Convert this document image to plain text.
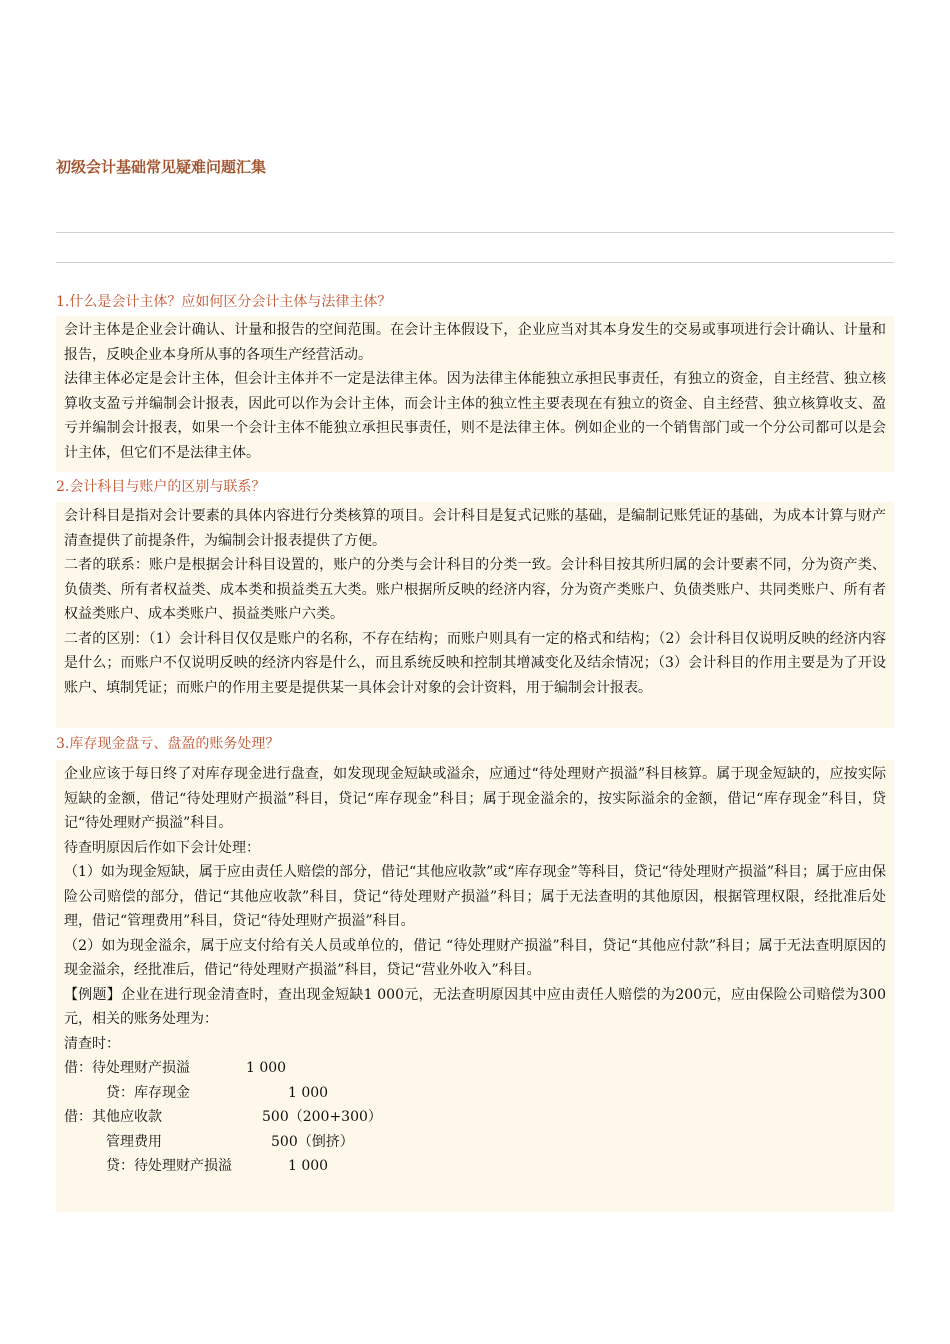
初级会计基础常见疑难问题汇集
1.什么是会计主体？应如何区分会计主体与法律主体？

会计主体是企业会计确认、计量和报告的空间范围。在会计主体假设下，企业应当对其本身发生的交易或事项进行会计确认、计量和报告，反映企业本身所从事的各项生产经营活动。

法律主体必定是会计主体，但会计主体并不一定是法律主体。因为法律主体能独立承担民事责任，有独立的资金，自主经营、独立核算收支盈亏并编制会计报表，因此可以作为会计主体，而会计主体的独立性主要表现在有独立的资金、自主经营、独立核算收支、盈亏并编制会计报表，如果一个会计主体不能独立承担民事责任，则不是法律主体。例如企业的一个销售部门或一个分公司都可以是会计主体，但它们不是法律主体。

2.会计科目与账户的区别与联系？

会计科目是指对会计要素的具体内容进行分类核算的项目。会计科目是复式记账的基础，是编制记账凭证的基础，为成本计算与财产清查提供了前提条件，为编制会计报表提供了方便。

二者的联系：账户是根据会计科目设置的，账户的分类与会计科目的分类一致。会计科目按其所归属的会计要素不同，分为资产类、负债类、所有者权益类、成本类和损益类五大类。账户根据所反映的经济内容，分为资产类账户、负债类账户、共同类账户、所有者权益类账户、成本类账户、损益类账户六类。

二者的区别：（1）会计科目仅仅是账户的名称，不存在结构；而账户则具有一定的格式和结构；（2）会计科目仅说明反映的经济内容是什么；而账户不仅说明反映的经济内容是什么，而且系统反映和控制其增减变化及结余情况；（3）会计科目的作用主要是为了开设账户、填制凭证；而账户的作用主要是提供某一具体会计对象的会计资料，用于编制会计报表。

3.库存现金盘亏、盘盈的账务处理？

企业应该于每日终了对库存现金进行盘查，如发现现金短缺或溢余，应通过“待处理财产损溢”科目核算。属于现金短缺的，应按实际短缺的金额，借记“待处理财产损溢”科目，贷记“库存现金”科目；属于现金溢余的，按实际溢余的金额，借记“库存现金”科目，贷记“待处理财产损溢”科目。

待查明原因后作如下会计处理：

（1）如为现金短缺，属于应由责任人赔偿的部分，借记“其他应收款”或“库存现金”等科目，贷记“待处理财产损溢”科目；属于应由保险公司赔偿的部分，借记“其他应收款”科目，贷记“待处理财产损溢”科目；属于无法查明的其他原因，根据管理权限，经批准后处理，借记“管理费用”科目，贷记“待处理财产损溢”科目。

（2）如为现金溢余，属于应支付给有关人员或单位的，借记 “待处理财产损溢”科目，贷记“其他应付款”科目；属于无法查明原因的现金溢余，经批准后，借记“待处理财产损溢”科目，贷记“营业外收入”科目。

【例题】企业在进行现金清查时，查出现金短缺1 000元，无法查明原因其中应由责任人赔偿的为200元，应由保险公司赔偿为300元，相关的账务处理为：

清查时：

借：待处理财产损溢	1 000
贷：库存现金	1 000
借：其他应收款	500（200+300）
管理费用	500（倒挤）
贷：待处理财产损溢	1 000
